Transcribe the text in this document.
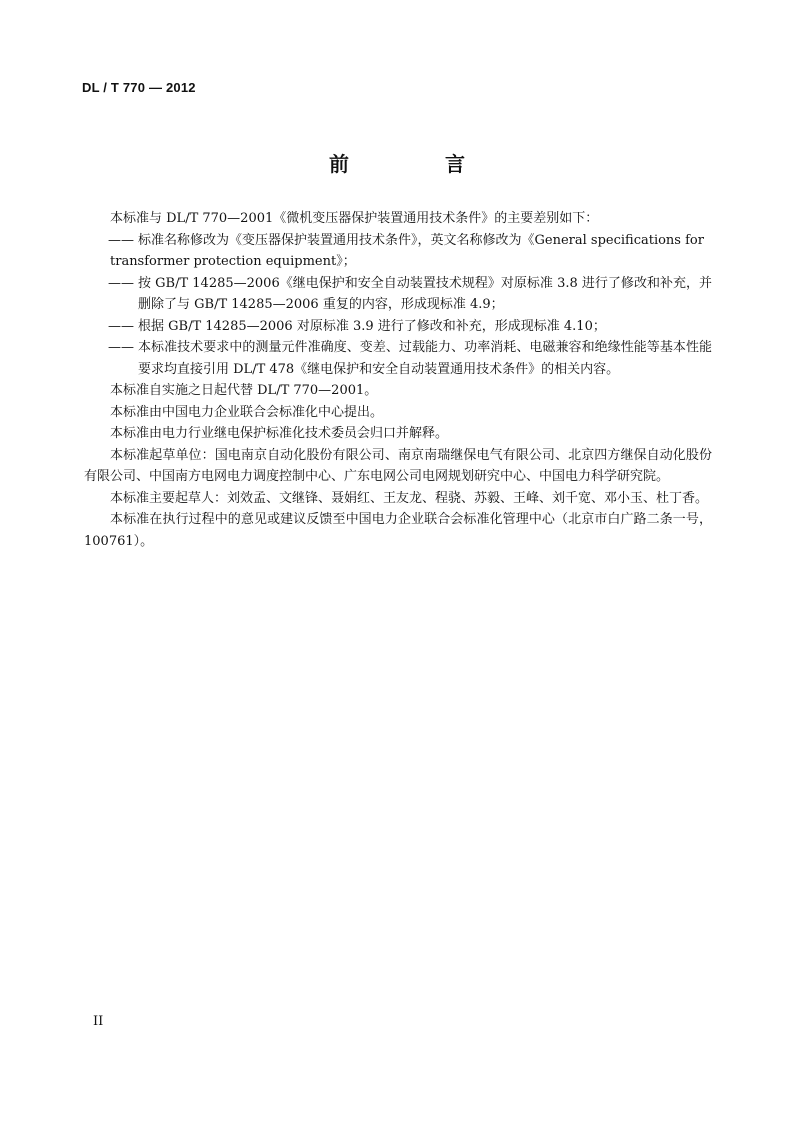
DL / T 770 — 2012
前　言

本标准与 DL/T 770—2001《微机变压器保护装置通用技术条件》的主要差别如下：

—— 标准名称修改为《变压器保护装置通用技术条件》，英文名称修改为《General specifications for
transformer protection equipment》；
—— 按 GB/T 14285—2006《继电保护和安全自动装置技术规程》对原标准 3.8 进行了修改和补充，并删除了与 GB/T 14285—2006 重复的内容，形成现标准 4.9；
—— 根据 GB/T 14285—2006 对原标准 3.9 进行了修改和补充，形成现标准 4.10；
—— 本标准技术要求中的测量元件准确度、变差、过载能力、功率消耗、电磁兼容和绝缘性能等基本性能要求均直接引用 DL/T 478《继电保护和安全自动装置通用技术条件》的相关内容。

本标准自实施之日起代替 DL/T 770—2001。

本标准由中国电力企业联合会标准化中心提出。

本标准由电力行业继电保护标准化技术委员会归口并解释。

本标准起草单位：国电南京自动化股份有限公司、南京南瑞继保电气有限公司、北京四方继保自动化股份有限公司、中国南方电网电力调度控制中心、广东电网公司电网规划研究中心、中国电力科学研究院。

本标准主要起草人：刘效孟、文继锋、聂娟红、王友龙、程骁、苏毅、王峰、刘千宽、邓小玉、杜丁香。

本标准在执行过程中的意见或建议反馈至中国电力企业联合会标准化管理中心（北京市白广路二条一号，100761）。

II
